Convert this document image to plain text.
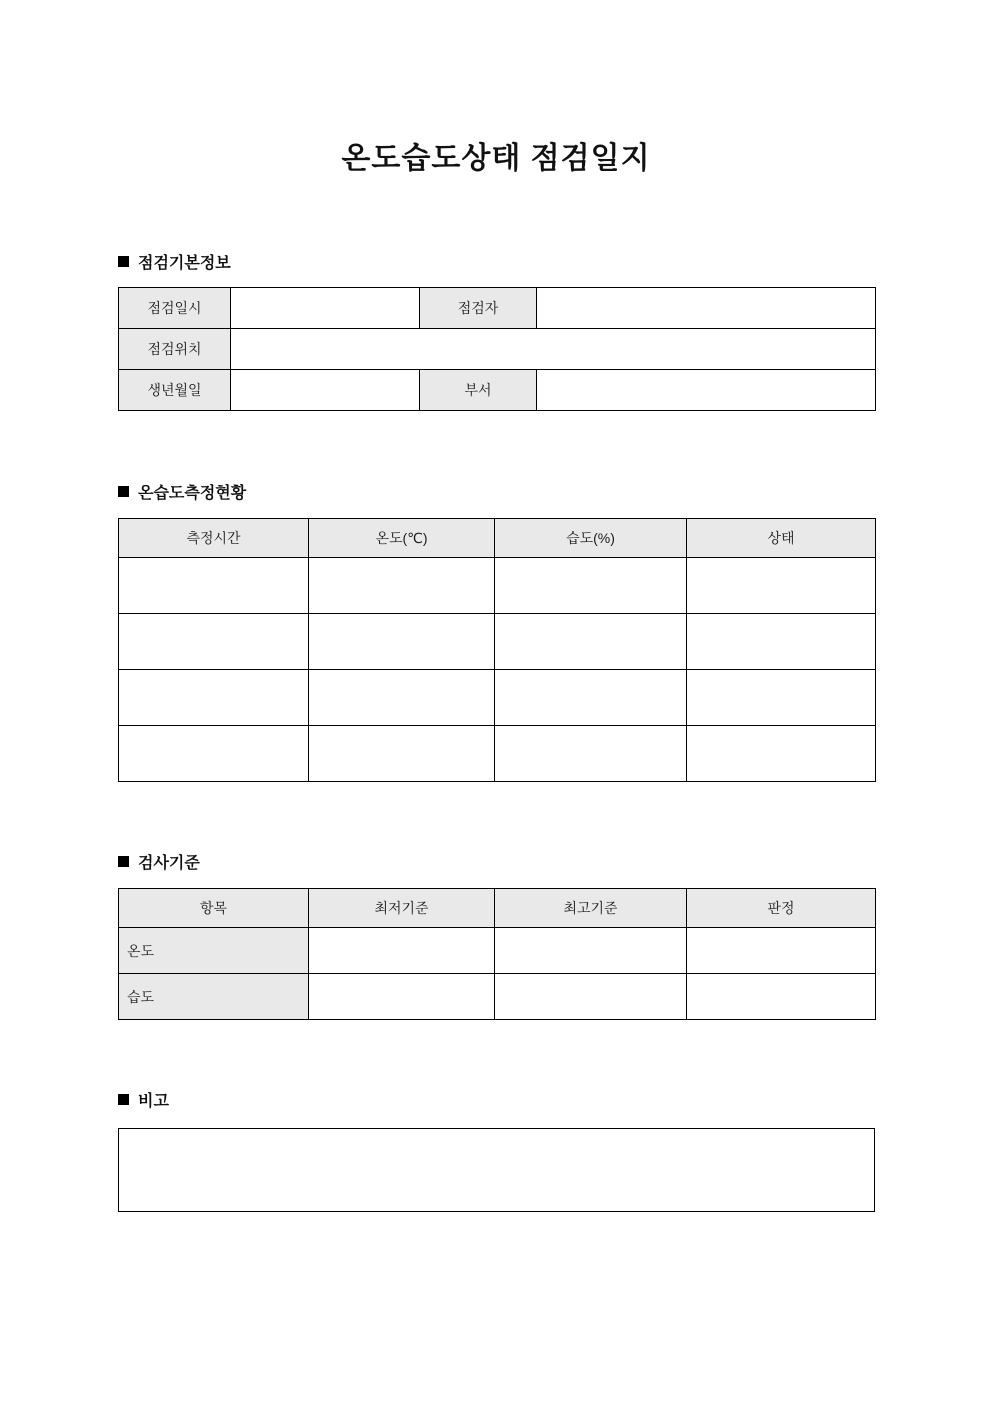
온도습도상태 점검일지
점검기본정보
점검일시		점검자	
점검위치			
생년월일		부서	
온습도측정현황
측정시간	온도(℃)	습도(%)	상태

검사기준
항목	최저기준	최고기준	판정
온도			
습도			
비고
